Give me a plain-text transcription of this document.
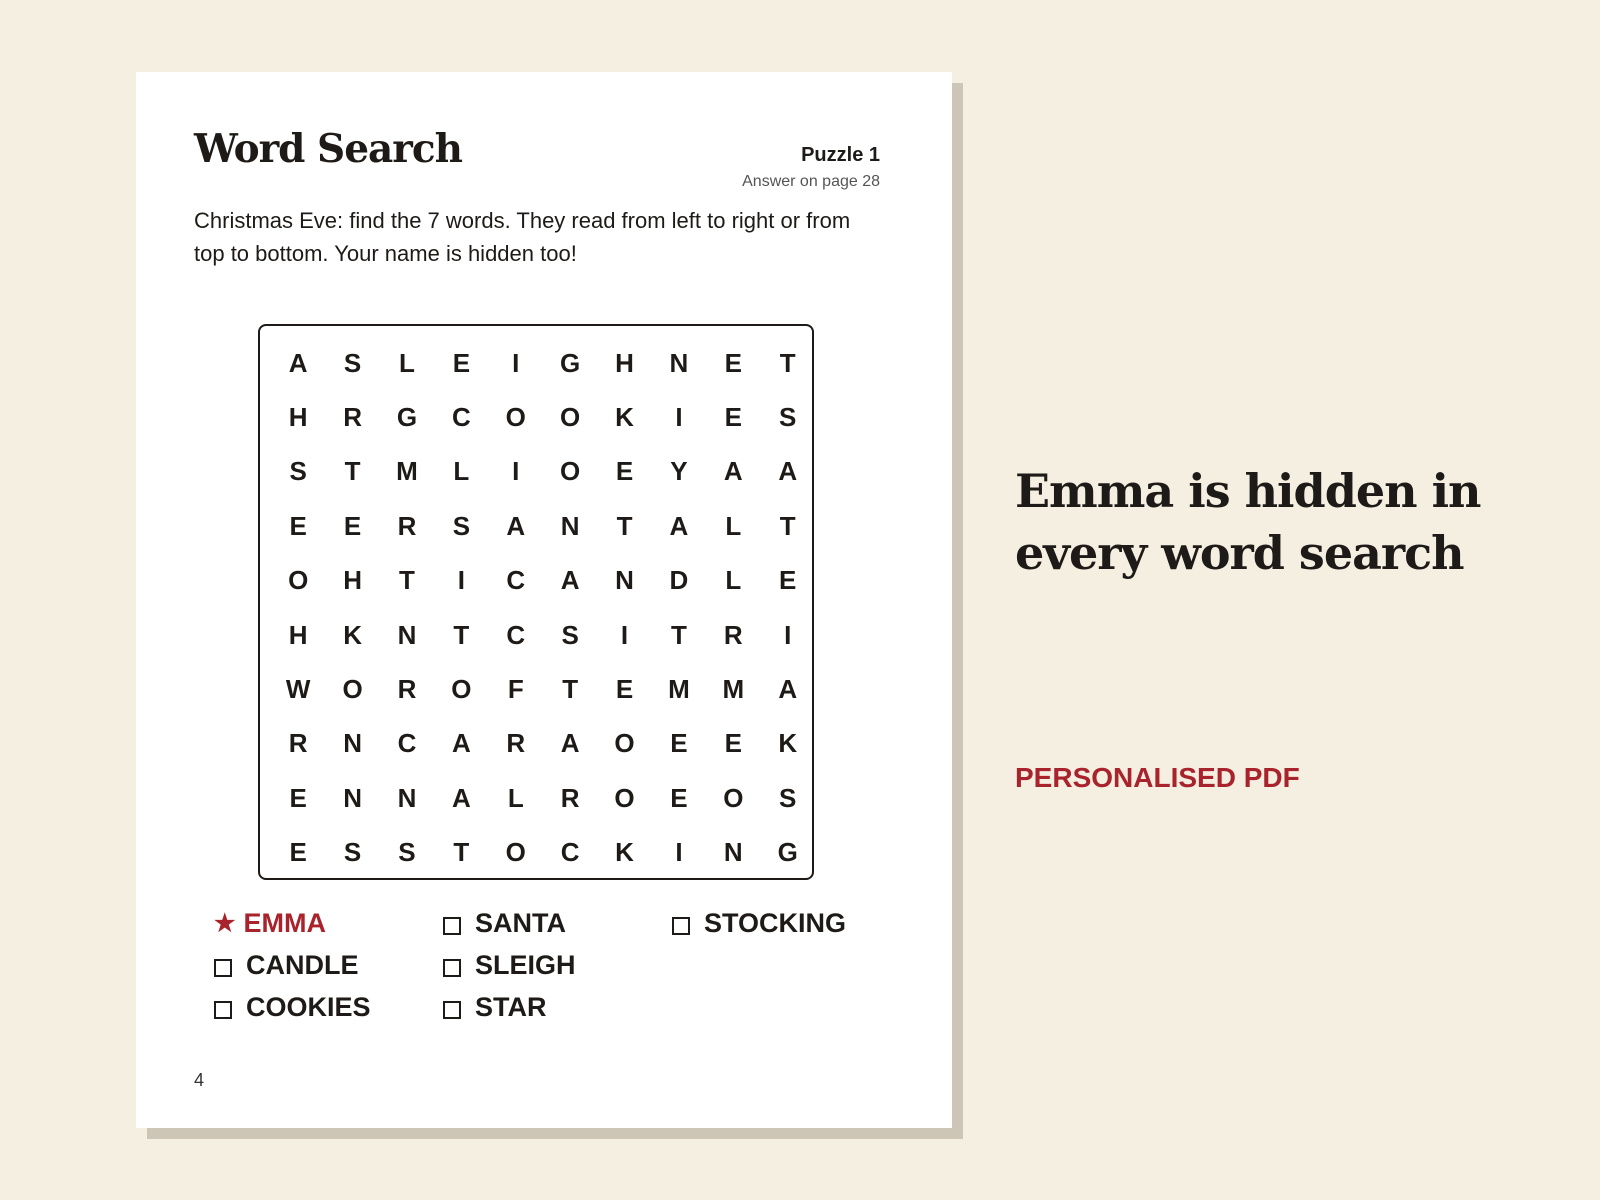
Word Search	Puzzle 1
Answer on page 28

Christmas Eve: find the 7 words. They read from left to right or from top to bottom. Your name is hidden too!

A	S	L	E	I	G	H	N	E	T
H	R	G	C	O	O	K	I	E	S
S	T	M	L	I	O	E	Y	A	A
E	E	R	S	A	N	T	A	L	T
O	H	T	I	C	A	N	D	L	E
H	K	N	T	C	S	I	T	R	I
W	O	R	O	F	T	E	M	M	A
R	N	C	A	R	A	O	E	E	K
E	N	N	A	L	R	O	E	O	S
E	S	S	T	O	C	K	I	N	G
★ EMMA
CANDLE
COOKIES
SANTA
SLEIGH
STAR
STOCKING
4
Emma is hidden in every word search
PERSONALISED PDF
